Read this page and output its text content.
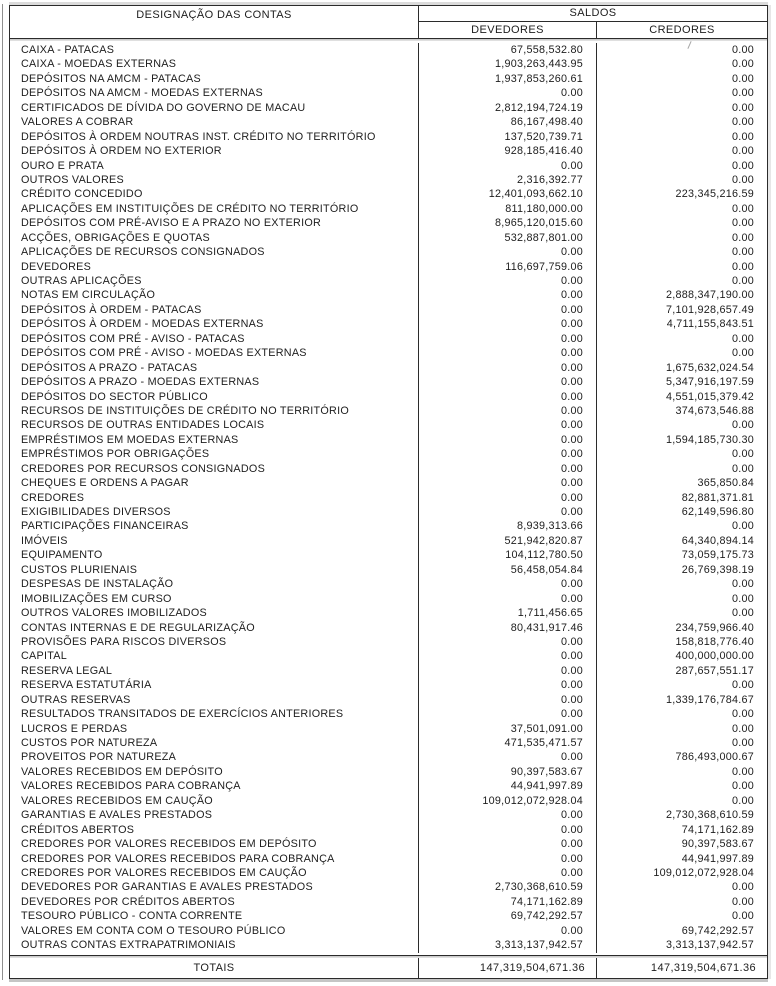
DESIGNAÇÃO DAS CONTAS	SALDOS
DEVEDORES	CREDORES
CAIXA - PATACAS	67,558,532.80	0.00
CAIXA - MOEDAS EXTERNAS	1,903,263,443.95	0.00
DEPÓSITOS NA AMCM - PATACAS	1,937,853,260.61	0.00
DEPÓSITOS NA AMCM - MOEDAS EXTERNAS	0.00	0.00
CERTIFICADOS DE DÍVIDA DO GOVERNO DE MACAU	2,812,194,724.19	0.00
VALORES A COBRAR	86,167,498.40	0.00
DEPÓSITOS À ORDEM NOUTRAS INST. CRÉDITO NO TERRITÓRIO	137,520,739.71	0.00
DEPÓSITOS À ORDEM NO EXTERIOR	928,185,416.40	0.00
OURO E PRATA	0.00	0.00
OUTROS VALORES	2,316,392.77	0.00
CRÉDITO CONCEDIDO	12,401,093,662.10	223,345,216.59
APLICAÇÕES EM INSTITUIÇÕES DE CRÉDITO NO TERRITÓRIO	811,180,000.00	0.00
DEPÓSITOS COM PRÉ-AVISO E A PRAZO NO EXTERIOR	8,965,120,015.60	0.00
ACÇÕES, OBRIGAÇÕES E QUOTAS	532,887,801.00	0.00
APLICAÇÕES DE RECURSOS CONSIGNADOS	0.00	0.00
DEVEDORES	116,697,759.06	0.00
OUTRAS APLICAÇÕES	0.00	0.00
NOTAS EM CIRCULAÇÃO	0.00	2,888,347,190.00
DEPÓSITOS À ORDEM - PATACAS	0.00	7,101,928,657.49
DEPÓSITOS À ORDEM - MOEDAS EXTERNAS	0.00	4,711,155,843.51
DEPÓSITOS COM PRÉ - AVISO - PATACAS	0.00	0.00
DEPÓSITOS COM PRÉ - AVISO - MOEDAS EXTERNAS	0.00	0.00
DEPÓSITOS A PRAZO - PATACAS	0.00	1,675,632,024.54
DEPÓSITOS A PRAZO - MOEDAS EXTERNAS	0.00	5,347,916,197.59
DEPÓSITOS DO SECTOR PÚBLICO	0.00	4,551,015,379.42
RECURSOS DE INSTITUIÇÕES DE CRÉDITO NO TERRITÓRIO	0.00	374,673,546.88
RECURSOS DE OUTRAS ENTIDADES LOCAIS	0.00	0.00
EMPRÉSTIMOS EM MOEDAS EXTERNAS	0.00	1,594,185,730.30
EMPRÉSTIMOS POR OBRIGAÇÕES	0.00	0.00
CREDORES POR RECURSOS CONSIGNADOS	0.00	0.00
CHEQUES E ORDENS A PAGAR	0.00	365,850.84
CREDORES	0.00	82,881,371.81
EXIGIBILIDADES DIVERSOS	0.00	62,149,596.80
PARTICIPAÇÕES FINANCEIRAS	8,939,313.66	0.00
IMÓVEIS	521,942,820.87	64,340,894.14
EQUIPAMENTO	104,112,780.50	73,059,175.73
CUSTOS PLURIENAIS	56,458,054.84	26,769,398.19
DESPESAS DE INSTALAÇÃO	0.00	0.00
IMOBILIZAÇÕES EM CURSO	0.00	0.00
OUTROS VALORES IMOBILIZADOS	1,711,456.65	0.00
CONTAS INTERNAS E DE REGULARIZAÇÃO	80,431,917.46	234,759,966.40
PROVISÕES PARA RISCOS DIVERSOS	0.00	158,818,776.40
CAPITAL	0.00	400,000,000.00
RESERVA LEGAL	0.00	287,657,551.17
RESERVA ESTATUTÁRIA	0.00	0.00
OUTRAS RESERVAS	0.00	1,339,176,784.67
RESULTADOS TRANSITADOS DE EXERCÍCIOS ANTERIORES	0.00	0.00
LUCROS E PERDAS	37,501,091.00	0.00
CUSTOS POR NATUREZA	471,535,471.57	0.00
PROVEITOS POR NATUREZA	0.00	786,493,000.67
VALORES RECEBIDOS EM DEPÓSITO	90,397,583.67	0.00
VALORES RECEBIDOS PARA COBRANÇA	44,941,997.89	0.00
VALORES RECEBIDOS EM CAUÇÃO	109,012,072,928.04	0.00
GARANTIAS E AVALES PRESTADOS	0.00	2,730,368,610.59
CRÉDITOS ABERTOS	0.00	74,171,162.89
CREDORES POR VALORES RECEBIDOS EM DEPÓSITO	0.00	90,397,583.67
CREDORES POR VALORES RECEBIDOS PARA COBRANÇA	0.00	44,941,997.89
CREDORES POR VALORES RECEBIDOS EM CAUÇÃO	0.00	109,012,072,928.04
DEVEDORES POR GARANTIAS E AVALES PRESTADOS	2,730,368,610.59	0.00
DEVEDORES POR CRÉDITOS ABERTOS	74,171,162.89	0.00
TESOURO PÚBLICO - CONTA CORRENTE	69,742,292.57	0.00
VALORES EM CONTA COM O TESOURO PÚBLICO	0.00	69,742,292.57
OUTRAS CONTAS EXTRAPATRIMONIAIS	3,313,137,942.57	3,313,137,942.57
TOTAIS	147,319,504,671.36	147,319,504,671.36
